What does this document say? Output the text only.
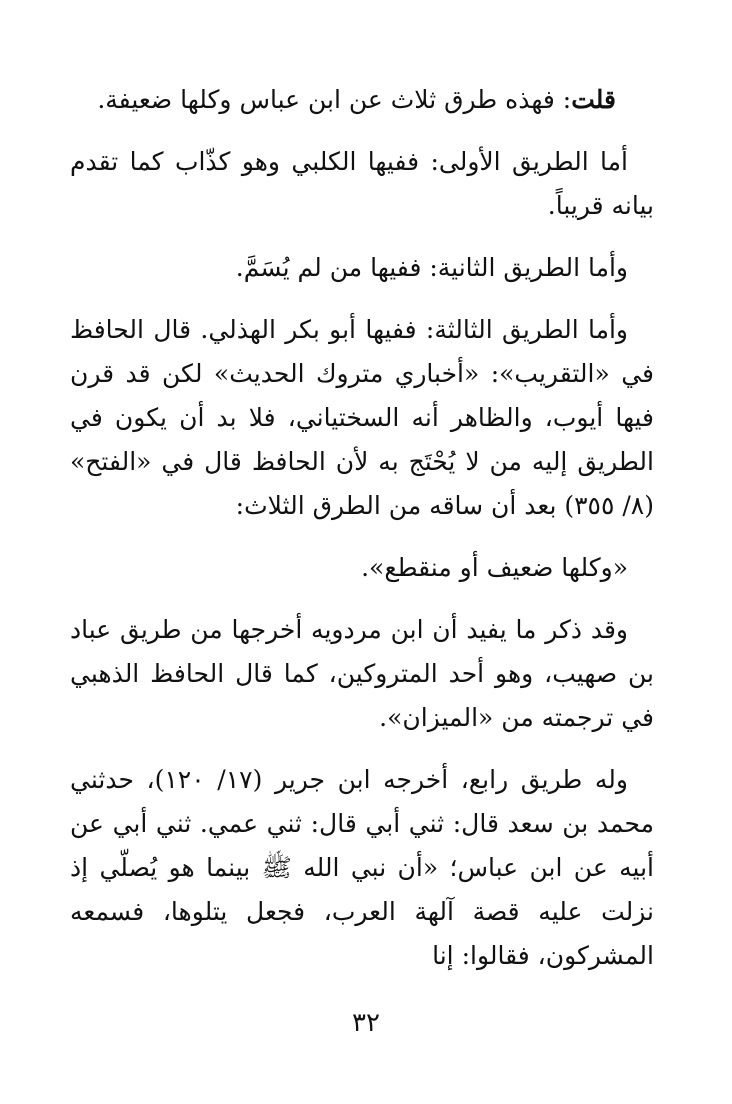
قلت: فهذه طرق ثلاث عن ابن عباس وكلها ضعيفة.

أما الطريق الأولى: ففيها الكلبي وهو كذّاب كما تقدم بيانه قريباً.

وأما الطريق الثانية: ففيها من لم يُسَمَّ.

وأما الطريق الثالثة: ففيها أبو بكر الهذلي. قال الحافظ في «التقريب»: «أخباري متروك الحديث» لكن قد قرن فيها أيوب، والظاهر أنه السختياني، فلا بد أن يكون في الطريق إليه من لا يُحْتَج به لأن الحافظ قال في «الفتح» (٨/ ٣٥٥) بعد أن ساقه من الطرق الثلاث:

«وكلها ضعيف أو منقطع».

وقد ذكر ما يفيد أن ابن مردويه أخرجها من طريق عباد بن صهيب، وهو أحد المتروكين، كما قال الحافظ الذهبي في ترجمته من «الميزان».

وله طريق رابع، أخرجه ابن جرير (١٧/ ١٢٠)، حدثني محمد بن سعد قال: ثني أبي قال: ثني عمي. ثني أبي عن أبيه عن ابن عباس؛ «أن نبي الله ﷺ بينما هو يُصلّي إذ نزلت عليه قصة آلهة العرب، فجعل يتلوها، فسمعه المشركون، فقالوا: إنا

٣٢
